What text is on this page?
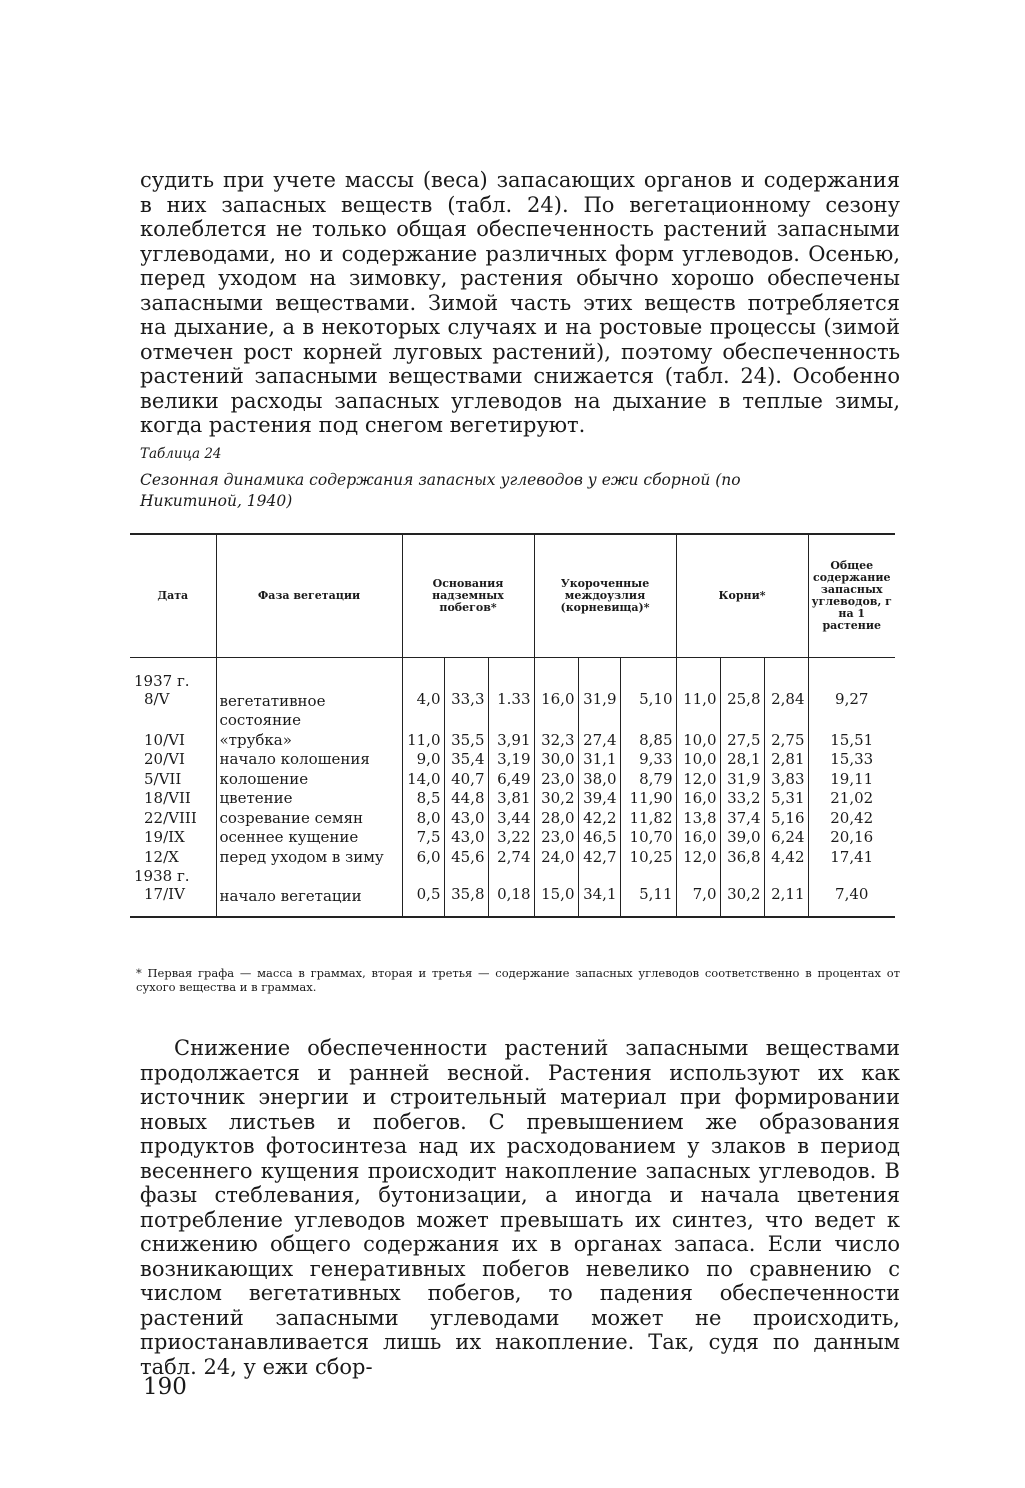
судить при учете массы (веса) запасающих органов и содержания в них запасных веществ (табл. 24). По вегетационному сезону колеблется не только общая обеспеченность растений запасными углеводами, но и содержание различных форм углеводов. Осенью, перед уходом на зимовку, растения обычно хорошо обеспечены запасными веществами. Зимой часть этих веществ потребляется на дыхание, а в некоторых случаях и на ростовые процессы (зимой отмечен рост корней луговых растений), поэтому обеспеченность растений запасными веществами снижается (табл. 24). Особенно велики расходы запасных углеводов на дыхание в теплые зимы, когда растения под снегом вегетируют.

Таблица 24

Сезонная динамика содержания запасных углеводов у ежи сборной (по Никитиной, 1940)

Дата	Фаза вегетации	Основания надземных побегов*			Укороченные междоузлия (корневища)*			Корни*			Общее содержание запасных углеводов, г на 1 растение

1937 г.
8/V	вегетативное состояние	4,0	33,3	1.33	16,0	31,9	5,10	11,0	25,8	2,84	9,27
10/VI	«трубка»	11,0	35,5	3,91	32,3	27,4	8,85	10,0	27,5	2,75	15,51
20/VI	начало колошения	9,0	35,4	3,19	30,0	31,1	9,33	10,0	28,1	2,81	15,33
5/VII	колошение	14,0	40,7	6,49	23,0	38,0	8,79	12,0	31,9	3,83	19,11
18/VII	цветение	8,5	44,8	3,81	30,2	39,4	11,90	16,0	33,2	5,31	21,02
22/VIII	созревание семян	8,0	43,0	3,44	28,0	42,2	11,82	13,8	37,4	5,16	20,42
19/IX	осеннее кущение	7,5	43,0	3,22	23,0	46,5	10,70	16,0	39,0	6,24	20,16
12/X	перед уходом в зиму	6,0	45,6	2,74	24,0	42,7	10,25	12,0	36,8	4,42	17,41

1938 г.
17/IV	начало вегетации	0,5	35,8	0,18	15,0	34,1	5,11	7,0	30,2	2,11	7,40

* Первая графа — масса в граммах, вторая и третья — содержание запасных углеводов соответственно в процентах от сухого вещества и в граммах.

Снижение обеспеченности растений запасными веществами продолжается и ранней весной. Растения используют их как источник энергии и строительный материал при формировании новых листьев и побегов. С превышением же образования продуктов фотосинтеза над их расходованием у злаков в период весеннего кущения происходит накопление запасных углеводов. В фазы стеблевания, бутонизации, а иногда и начала цветения потребление углеводов может превышать их синтез, что ведет к снижению общего содержания их в органах запаса. Если число возникающих генеративных побегов невелико по сравнению с числом вегетативных побегов, то падения обеспеченности растений запасными углеводами может не происходить, приостанавливается лишь их накопление. Так, судя по данным табл. 24, у ежи сбор-

190
